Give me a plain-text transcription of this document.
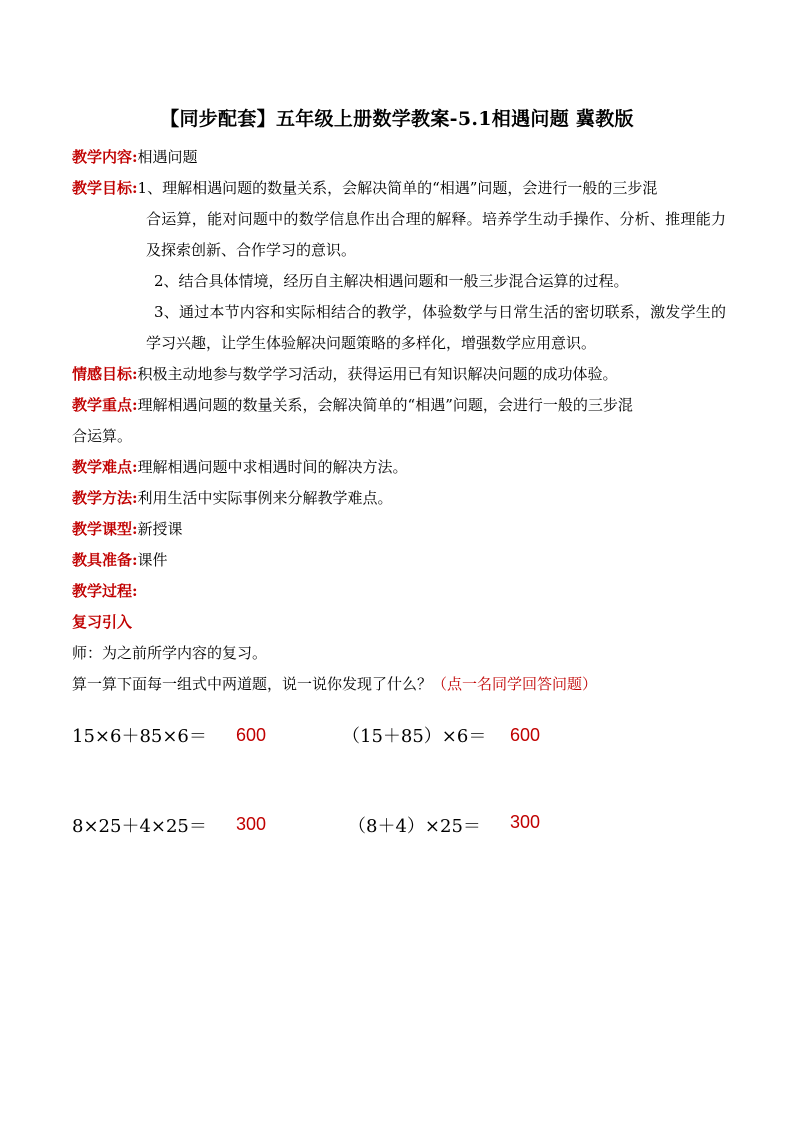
【同步配套】五年级上册数学教案-5.1相遇问题 冀教版
教学内容:相遇问题
教学目标:1、理解相遇问题的数量关系，会解决简单的“相遇”问题，会进行一般的三步混
合运算，能对问题中的数学信息作出合理的解释。培养学生动手操作、分析、推理能力及探索创新、合作学习的意识。
2、结合具体情境，经历自主解决相遇问题和一般三步混合运算的过程。
3、通过本节内容和实际相结合的教学，体验数学与日常生活的密切联系，激发学生的学习兴趣，让学生体验解决问题策略的多样化，增强数学应用意识。
情感目标:积极主动地参与数学学习活动，获得运用已有知识解决问题的成功体验。
教学重点:理解相遇问题的数量关系，会解决简单的“相遇”问题，会进行一般的三步混
合运算。
教学难点:理解相遇问题中求相遇时间的解决方法。
教学方法:利用生活中实际事例来分解教学难点。
教学课型:新授课
教具准备:课件
教学过程:
复习引入
师：为之前所学内容的复习。
算一算下面每一组式中两道题，说一说你发现了什么？（点一名同学回答问题）
15×6＋85×6＝ 600	（15＋85）×6＝ 600
8×25＋4×25＝ 300	（8＋4）×25＝ 300
